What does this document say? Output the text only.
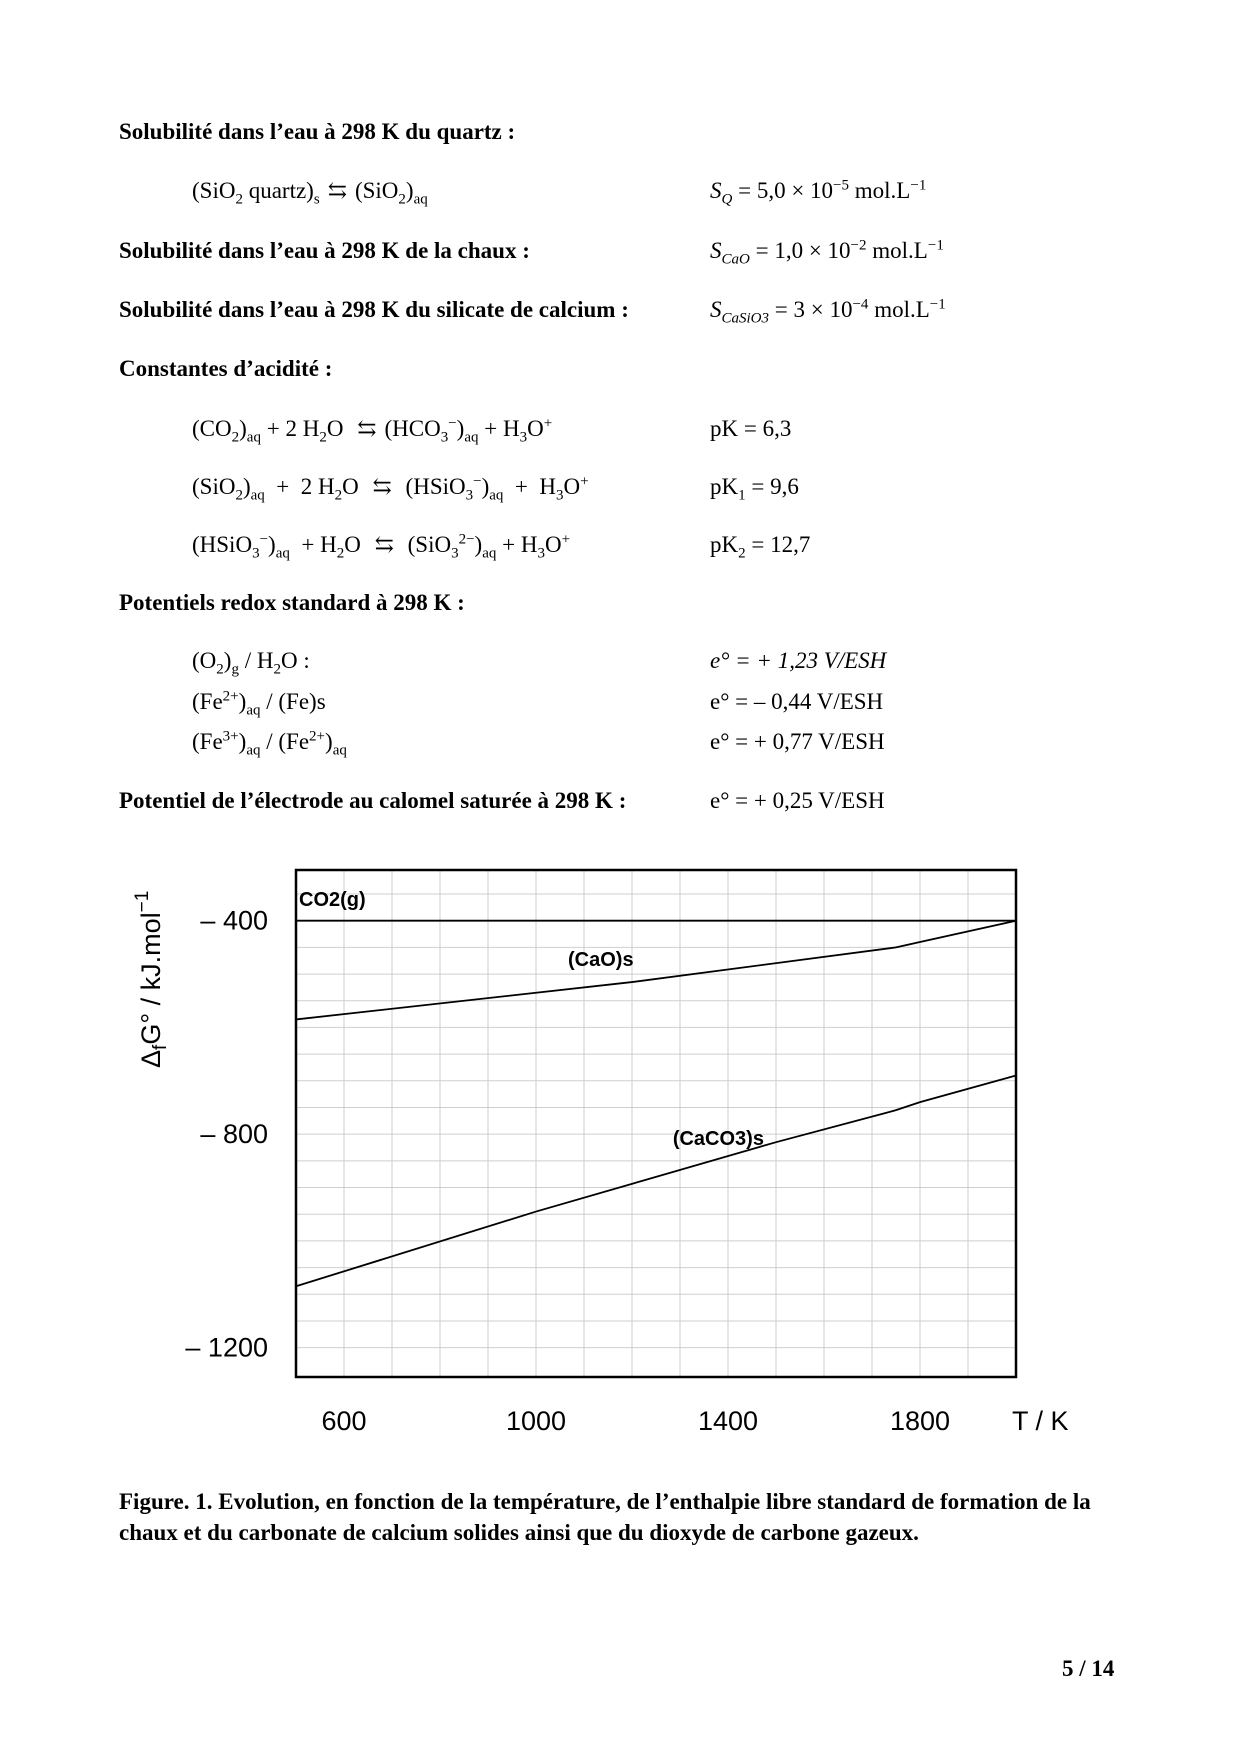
Solubilité dans l’eau à 298 K du quartz :
(SiO$_2$ $quartz)_s$ ⇆ $(SiO_2)_{aq}$	$S_Q = 5,0 \times 10^{-5}$ $mol.L^{-1}$
Solubilité dans l’eau à 298 K de la chaux :	$S_{CaO} = 1,0 \times 10^{-2}$ $mol.L^{-1}$
Solubilité dans l’eau à 298 K du silicate de calcium :	$S_{CaSiO3} = 3 \times 10^{-4}$ $mol.L^{-1}$
Constantes d’acidité :
$(CO_2)_{aq} + 2$ $H_2O$ ⇆ $(HCO_3^-)_{aq} + H_3O^+$	pK = 6,3
$(SiO_2)_{aq} + 2$ $H_2O$ ⇆ $(HSiO_3^-)_{aq} + H_3O^+$	$pK_1 = 9,6$
$(HSiO_3^-)_{aq} + H_2O$ ⇆ $(SiO_3^{2-})_{aq} + H_3O^+$	$pK_2 = 12,7$
Potentiels redox standard à 298 K :
$(O_2)_g / H_2O$ :	e° = + 1,23 V/ESH
$(Fe^{2+})_{aq} / (Fe)s$	e° = – 0,44 V/ESH
$(Fe^{3+})_{aq} / (Fe^{2+})_{aq}$	e° = + 0,77 V/ESH
Potentiel de l’électrode au calomel saturée à 298 K :	e° = + 0,25 V/ESH
CO2(g)
(CaO)s
(CaCO3)s
600	1000	1400	1800
– 400
– 800
– 1200
$\Delta_fG^\circ / kJ.mol^{-1}$
T / K
Figure. 1. Evolution, en fonction de la température, de l’enthalpie libre standard de formation de la chaux et du carbonate de calcium solides ainsi que du dioxyde de carbone gazeux.
5 / 14
